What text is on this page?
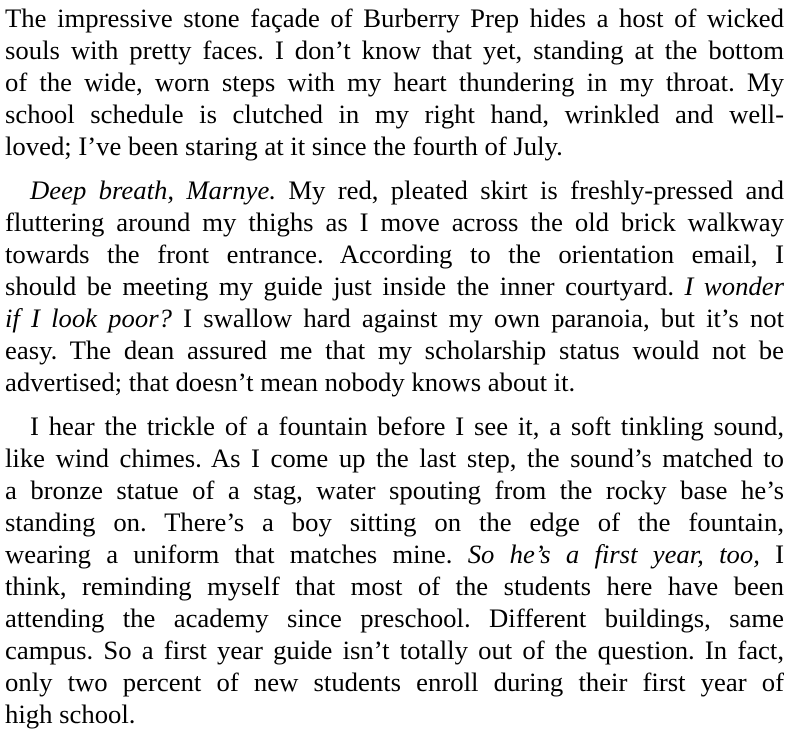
The impressive stone façade of Burberry Prep hides a host of wicked
souls with pretty faces. I don’t know that yet, standing at the bottom
of the wide, worn steps with my heart thundering in my throat. My
school schedule is clutched in my right hand, wrinkled and well-
loved; I’ve been staring at it since the fourth of July.
Deep breath, Marnye. My red, pleated skirt is freshly-pressed and
fluttering around my thighs as I move across the old brick walkway
towards the front entrance. According to the orientation email, I
should be meeting my guide just inside the inner courtyard. I wonder
if I look poor? I swallow hard against my own paranoia, but it’s not
easy. The dean assured me that my scholarship status would not be
advertised; that doesn’t mean nobody knows about it.
I hear the trickle of a fountain before I see it, a soft tinkling sound,
like wind chimes. As I come up the last step, the sound’s matched to
a bronze statue of a stag, water spouting from the rocky base he’s
standing on. There’s a boy sitting on the edge of the fountain,
wearing a uniform that matches mine. So he’s a first year, too, I
think, reminding myself that most of the students here have been
attending the academy since preschool. Different buildings, same
campus. So a first year guide isn’t totally out of the question. In fact,
only two percent of new students enroll during their first year of
high school.
